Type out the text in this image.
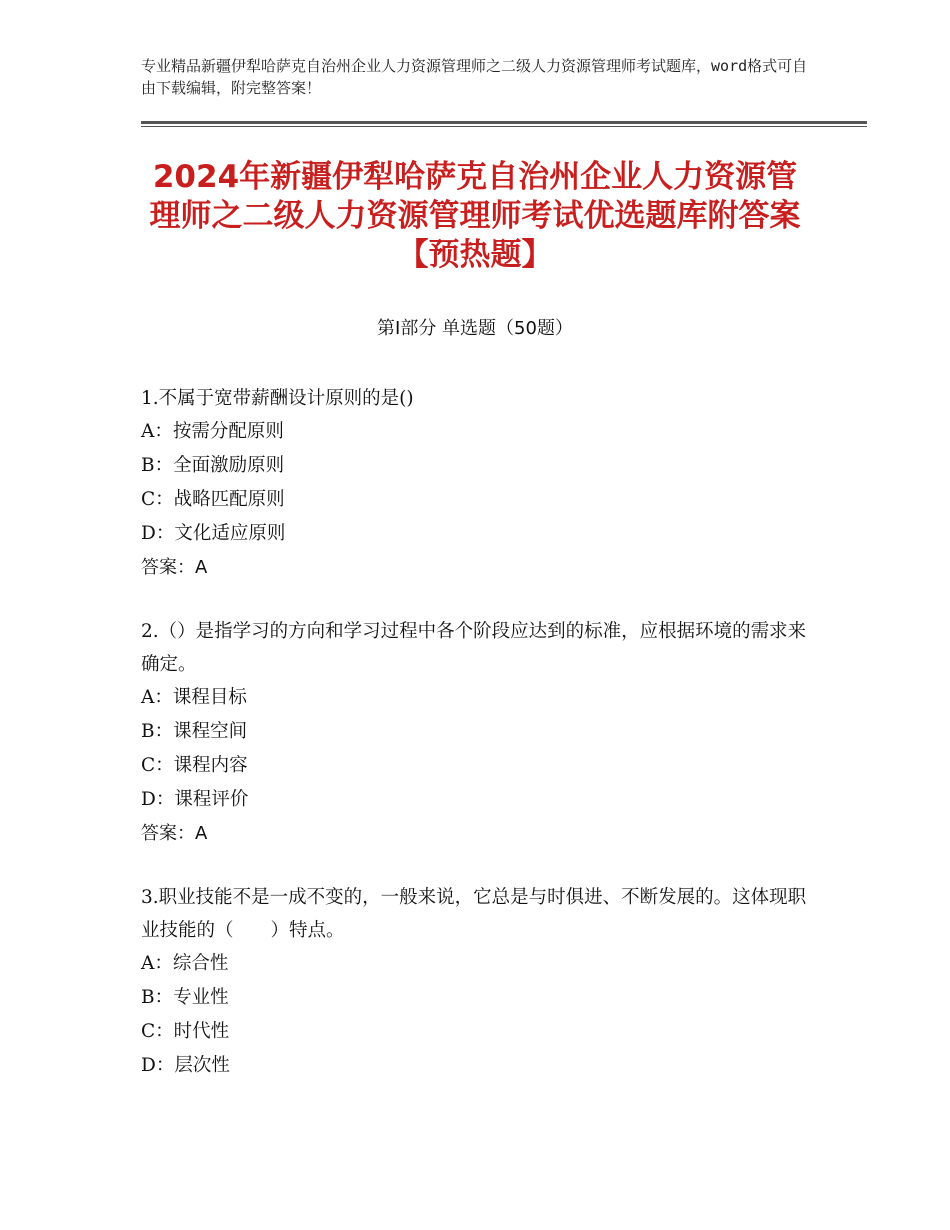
专业精品新疆伊犁哈萨克自治州企业人力资源管理师之二级人力资源管理师考试题库，word格式可自由下载编辑，附完整答案！
2024年新疆伊犁哈萨克自治州企业人力资源管理师之二级人力资源管理师考试优选题库附答案【预热题】
第Ⅰ部分 单选题（50题）
1.不属于宽带薪酬设计原则的是()
A：按需分配原则
B：全面激励原则
C：战略匹配原则
D：文化适应原则
答案：A
2.（）是指学习的方向和学习过程中各个阶段应达到的标准，应根据环境的需求来确定。
A：课程目标
B：课程空间
C：课程内容
D：课程评价
答案：A
3.职业技能不是一成不变的，一般来说，它总是与时俱进、不断发展的。这体现职业技能的（　　）特点。
A：综合性
B：专业性
C：时代性
D：层次性
